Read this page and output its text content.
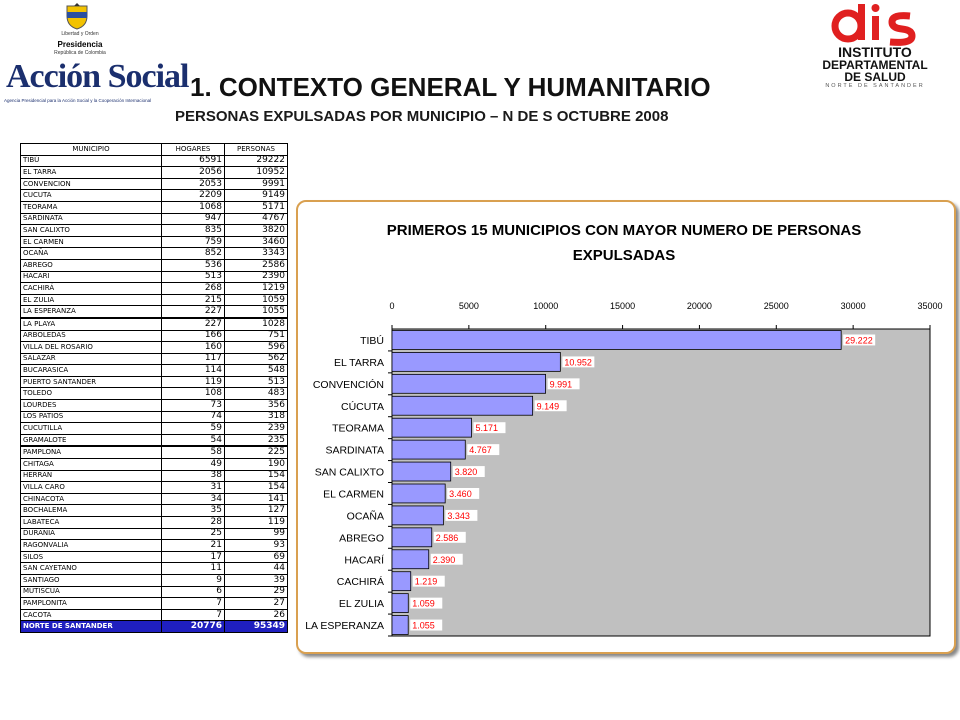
Libertad y Orden
Presidencia
República de Colombia
Acción Social
Agencia Presidencial para la Acción Social y la Cooperación Internacional
INSTITUTO
DEPARTAMENTAL
DE SALUD
NORTE DE SANTANDER
1. CONTEXTO GENERAL Y HUMANITARIO
PERSONAS EXPULSADAS POR MUNICIPIO – N DE S OCTUBRE 2008
MUNICIPIO	HOGARES	PERSONAS
TIBÚ	6591	29222
EL TARRA	2056	10952
CONVENCION	2053	9991
CUCUTA	2209	9149
TEORAMA	1068	5171
SARDINATA	947	4767
SAN CALIXTO	835	3820
EL CARMEN	759	3460
OCAÑA	852	3343
ABREGO	536	2586
HACARI	513	2390
CACHIRÁ	268	1219
EL ZULIA	215	1059
LA ESPERANZA	227	1055
LA PLAYA	227	1028
ARBOLEDAS	166	751
VILLA DEL ROSARIO	160	596
SALAZAR	117	562
BUCARASICA	114	548
PUERTO SANTANDER	119	513
TOLEDO	108	483
LOURDES	73	356
LOS PATIOS	74	318
CUCUTILLA	59	239
GRAMALOTE	54	235
PAMPLONA	58	225
CHITAGA	49	190
HERRAN	38	154
VILLA CARO	31	154
CHINACOTA	34	141
BOCHALEMA	35	127
LABATECA	28	119
DURANIA	25	99
RAGONVALIA	21	93
SILOS	17	69
SAN CAYETANO	11	44
SANTIAGO	9	39
MUTISCUA	6	29
PAMPLONITA	7	27
CACOTA	7	26
NORTE DE SANTANDER	20776	95349
PRIMEROS 15 MUNICIPIOS CON MAYOR NUMERO DE PERSONAS
EXPULSADAS
0	5000	10000	15000	20000	25000	30000	35000
29.222
TIBÚ
10.952
EL TARRA
9.991
CONVENCIÓN
9.149
CÚCUTA
5.171
TEORAMA
4.767
SARDINATA
3.820
SAN CALIXTO
3.460
EL CARMEN
3.343
OCAÑA
2.586
ABREGO
2.390
HACARÍ
1.219
CACHIRÁ
1.059
EL ZULIA
1.055
LA ESPERANZA
